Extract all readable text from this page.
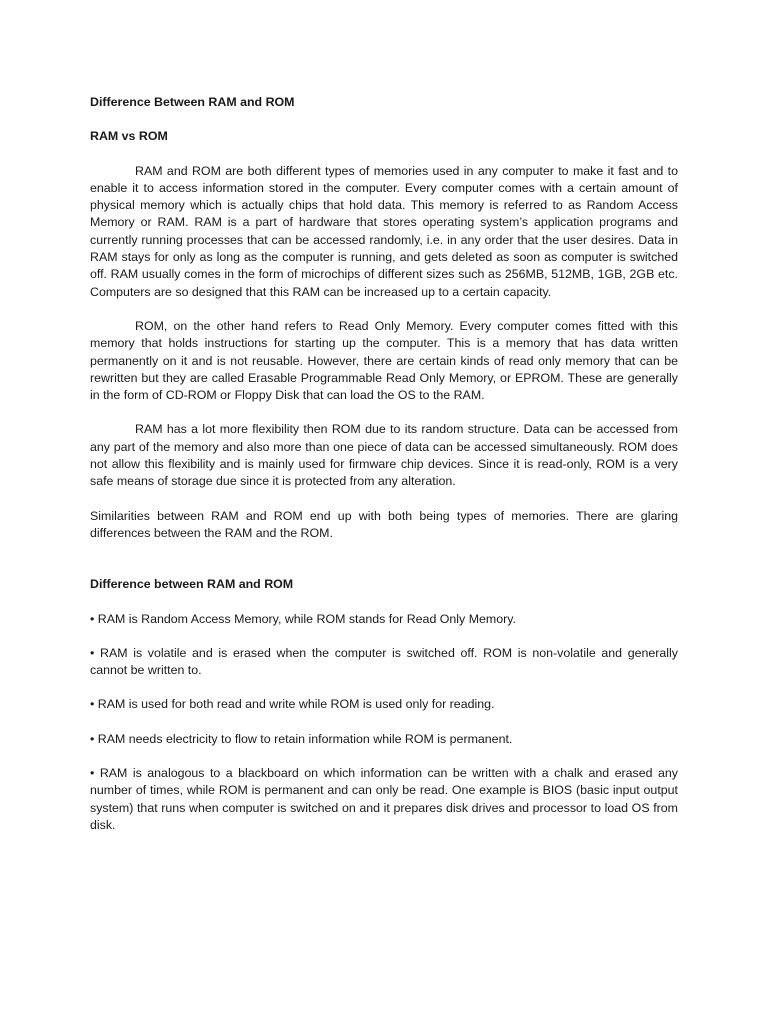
Difference Between RAM and ROM

RAM vs ROM

RAM and ROM are both different types of memories used in any computer to make it fast and to enable it to access information stored in the computer. Every computer comes with a certain amount of physical memory which is actually chips that hold data. This memory is referred to as Random Access Memory or RAM. RAM is a part of hardware that stores operating system’s application programs and currently running processes that can be accessed randomly, i.e. in any order that the user desires. Data in RAM stays for only as long as the computer is running, and gets deleted as soon as computer is switched off. RAM usually comes in the form of microchips of different sizes such as 256MB, 512MB, 1GB, 2GB etc. Computers are so designed that this RAM can be increased up to a certain capacity.

ROM, on the other hand refers to Read Only Memory. Every computer comes fitted with this memory that holds instructions for starting up the computer. This is a memory that has data written permanently on it and is not reusable. However, there are certain kinds of read only memory that can be rewritten but they are called Erasable Programmable Read Only Memory, or EPROM. These are generally in the form of CD-ROM or Floppy Disk that can load the OS to the RAM.

RAM has a lot more flexibility then ROM due to its random structure. Data can be accessed from any part of the memory and also more than one piece of data can be accessed simultaneously. ROM does not allow this flexibility and is mainly used for firmware chip devices. Since it is read-only, ROM is a very safe means of storage due since it is protected from any alteration.

Similarities between RAM and ROM end up with both being types of memories. There are glaring differences between the RAM and the ROM.

Difference between RAM and ROM

• RAM is Random Access Memory, while ROM stands for Read Only Memory.

• RAM is volatile and is erased when the computer is switched off. ROM is non-volatile and generally cannot be written to.

• RAM is used for both read and write while ROM is used only for reading.

• RAM needs electricity to flow to retain information while ROM is permanent.

• RAM is analogous to a blackboard on which information can be written with a chalk and erased any number of times, while ROM is permanent and can only be read. One example is BIOS (basic input output system) that runs when computer is switched on and it prepares disk drives and processor to load OS from disk.
